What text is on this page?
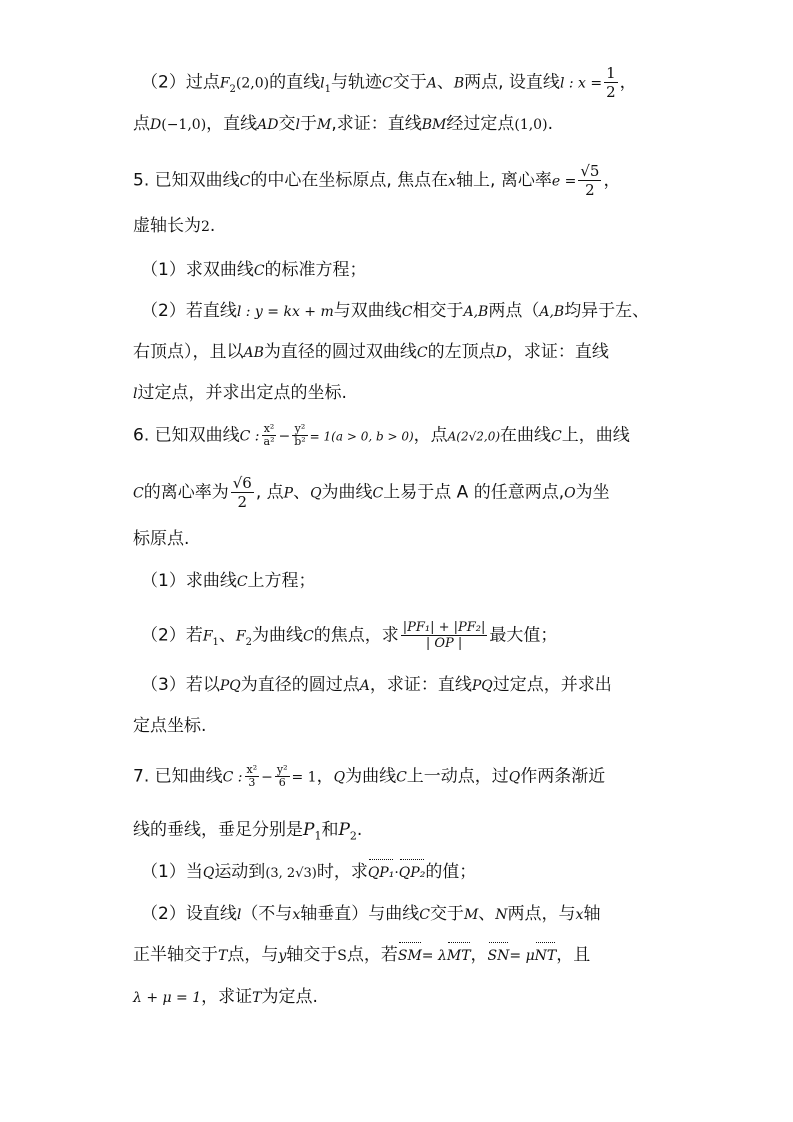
（2）过点$F_2(2,0)$的直线$l_1$与轨迹C交于A、B两点, 设直线l : $x = \frac{1}{2}$ ，
点D(−1,0)，直线AD交l于M,求证：直线BM经过定点(1,0).
5. 已知双曲线C的中心在坐标原点, 焦点在x轴上, 离心率$e = \frac{√5}{2}$ ，
虚轴长为2.
（1）求双曲线C的标准方程；
（2）若直线l : y = kx + m与双曲线C相交于A,B两点（A,B均异于左、
右顶点），且以AB为直径的圆过双曲线C的左顶点D，求证：直线
l过定点，并求出定点的坐标.
6. 已知双曲线C : $\frac{\text{x²}}{\text{a²}} - \frac{\text{y²}}{\text{b²}} = 1(a > 0$, b > 0)，点A(2√2,0)在曲线C上，曲线
C的离心率为 $\frac{√6}{2}$ , 点P、Q为曲线C上易于点 A 的任意两点,O为坐
标原点.
（1）求曲线C上方程；
（2）若$F_1$、$F_2$为曲线C的焦点，求 $\frac{\text{|PF₁| + |PF₂|}}{| OP |}$ 最大值；
（3）若以PQ为直径的圆过点A，求证：直线PQ过定点，并求出
定点坐标.
7. 已知曲线C : $\frac{\text{x²}}{3} - \frac{\text{y²}}{6} = 1$，Q为曲线C上一动点，过Q作两条渐近
线的垂线，垂足分别是$P_1$和$P_2$.
（1）当Q运动到(3, 2√3)时，求QP₁·QP₂的值；
（2）设直线l（不与x轴垂直）与曲线C交于M、N两点，与x轴
正半轴交于T点，与y轴交于S点，若SM= λMT，SN= μNT，且
λ + μ = 1，求证T为定点.
